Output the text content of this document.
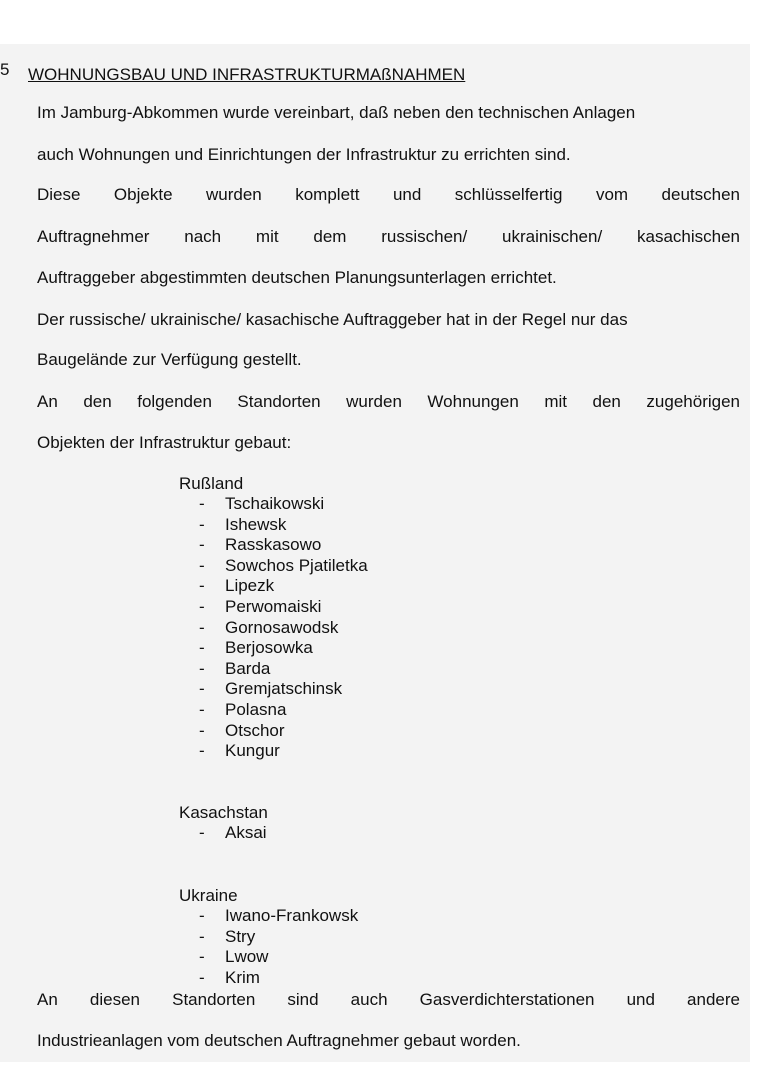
5 WOHNUNGSBAU UND INFRASTRUKTURMAßNAHMEN
Im Jamburg-Abkommen wurde vereinbart, daß neben den technischen Anlagen
auch Wohnungen und Einrichtungen der Infrastruktur zu errichten sind.
Diese Objekte wurden komplett und schlüsselfertig vom deutschen
Auftragnehmer nach mit dem russischen/ ukrainischen/ kasachischen
Auftraggeber abgestimmten deutschen Planungsunterlagen errichtet.
Der russische/ ukrainische/ kasachische Auftraggeber hat in der Regel nur das
Baugelände zur Verfügung gestellt.
An den folgenden Standorten wurden Wohnungen mit den zugehörigen
Objekten der Infrastruktur gebaut:
Rußland
- Tschaikowski
- Ishewsk
- Rasskasowo
- Sowchos Pjatiletka
- Lipezk
- Perwomaiski
- Gornosawodsk
- Berjosowka
- Barda
- Gremjatschinsk
- Polasna
- Otschor
- Kungur
Kasachstan
- Aksai
Ukraine
- Iwano-Frankowsk
- Stry
- Lwow
- Krim
An diesen Standorten sind auch Gasverdichterstationen und andere
Industrieanlagen vom deutschen Auftragnehmer gebaut worden.
